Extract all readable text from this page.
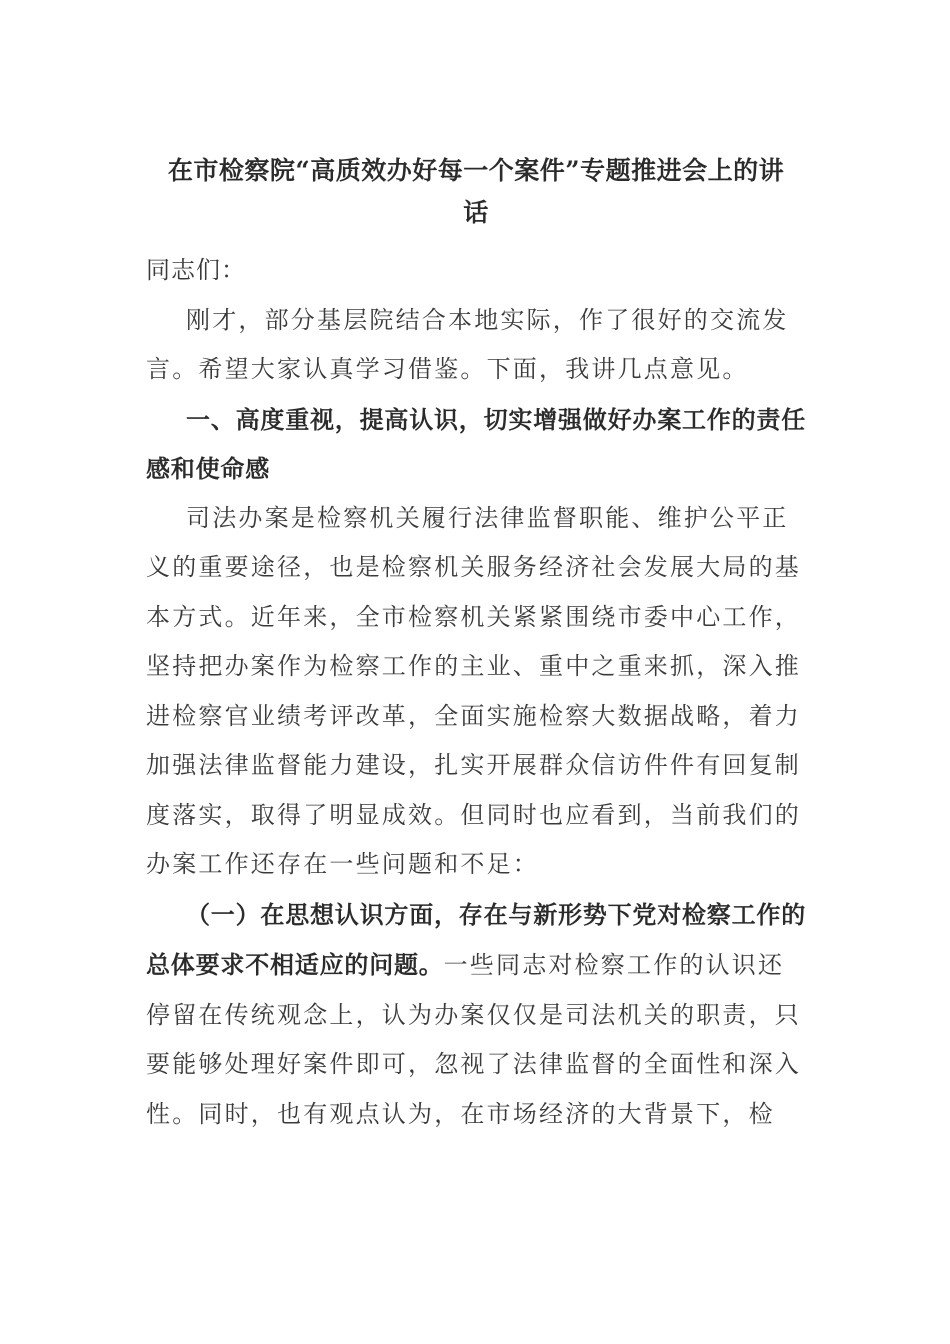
在市检察院“高质效办好每一个案件”专题推进会上的讲
话

同志们：

刚才，部分基层院结合本地实际，作了很好的交流发言。希望大家认真学习借鉴。下面，我讲几点意见。

一、高度重视，提高认识，切实增强做好办案工作的责任感和使命感

司法办案是检察机关履行法律监督职能、维护公平正义的重要途径，也是检察机关服务经济社会发展大局的基本方式。近年来，全市检察机关紧紧围绕市委中心工作，坚持把办案作为检察工作的主业、重中之重来抓，深入推进检察官业绩考评改革，全面实施检察大数据战略，着力加强法律监督能力建设，扎实开展群众信访件件有回复制度落实，取得了明显成效。但同时也应看到，当前我们的办案工作还存在一些问题和不足：

（一）在思想认识方面，存在与新形势下党对检察工作的总体要求不相适应的问题。一些同志对检察工作的认识还停留在传统观念上，认为办案仅仅是司法机关的职责，只要能够处理好案件即可，忽视了法律监督的全面性和深入性。同时，也有观点认为，在市场经济的大背景下，检
